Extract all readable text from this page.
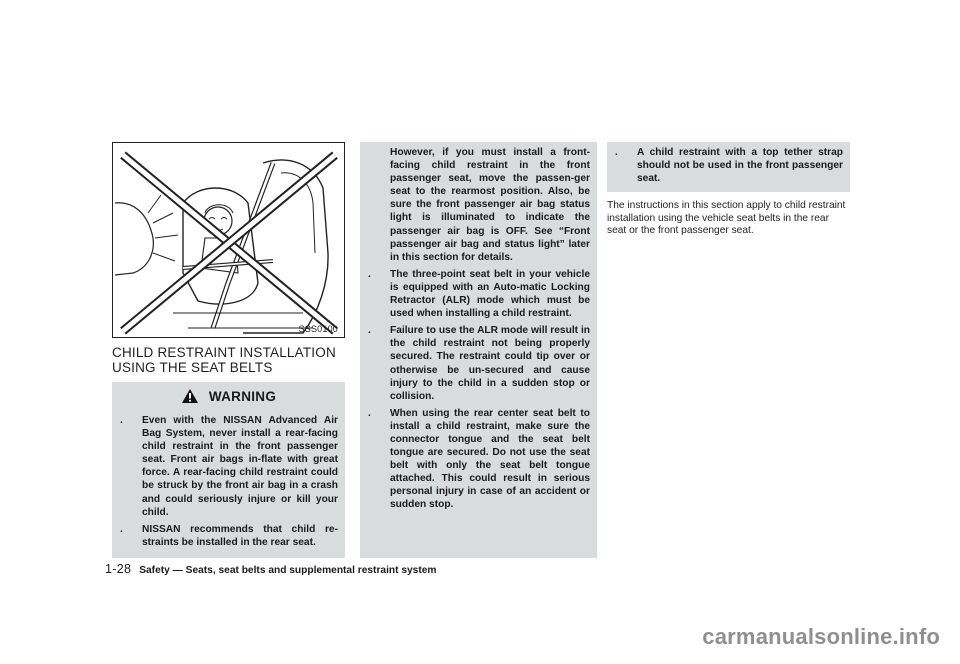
SSS0100
CHILD RESTRAINT INSTALLATION
USING THE SEAT BELTS
WARNING
. Even with the NISSAN Advanced Air Bag System, never install a rear-facing child restraint in the front passenger seat. Front air bags in-flate with great force. A rear-facing child restraint could be struck by the front air bag in a crash and could seriously injure or kill your child.
. NISSAN recommends that child re-straints be installed in the rear seat.
However, if you must install a front-facing child restraint in the front passenger seat, move the passen-ger seat to the rearmost position. Also, be sure the front passenger air bag status light is illuminated to indicate the passenger air bag is OFF. See “Front passenger air bag and status light” later in this section for details.
. The three-point seat belt in your vehicle is equipped with an Auto-matic Locking Retractor (ALR) mode which must be used when installing a child restraint.
. Failure to use the ALR mode will result in the child restraint not being properly secured. The restraint could tip over or otherwise be un-secured and cause injury to the child in a sudden stop or collision.
. When using the rear center seat belt to install a child restraint, make sure the connector tongue and the seat belt tongue are secured. Do not use the seat belt with only the seat belt tongue attached. This could result in serious personal injury in case of an accident or sudden stop.
. A child restraint with a top tether strap should not be used in the front passenger seat.
The instructions in this section apply to child restraint installation using the vehicle seat belts in the rear seat or the front passenger seat.
1-28 Safety — Seats, seat belts and supplemental restraint system
carmanualsonline.info
